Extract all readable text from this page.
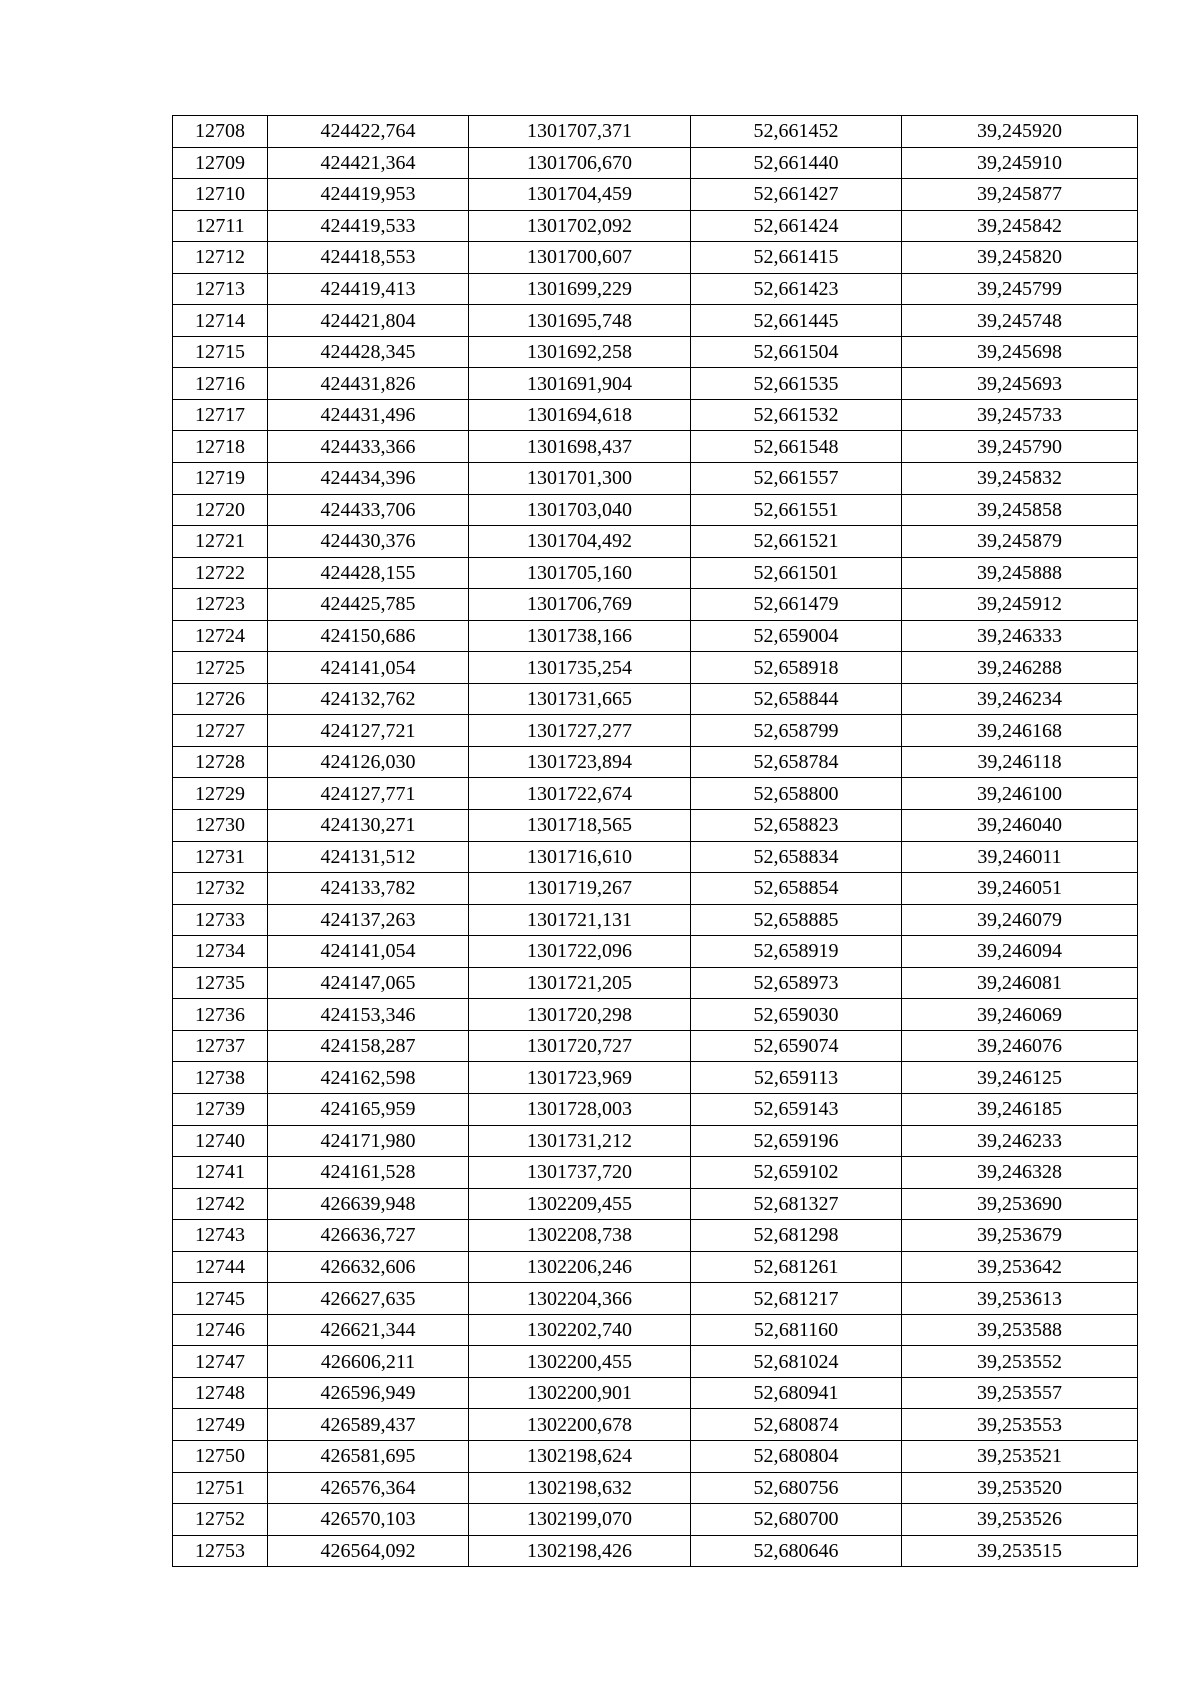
12708	424422,764	1301707,371	52,661452	39,245920
12709	424421,364	1301706,670	52,661440	39,245910
12710	424419,953	1301704,459	52,661427	39,245877
12711	424419,533	1301702,092	52,661424	39,245842
12712	424418,553	1301700,607	52,661415	39,245820
12713	424419,413	1301699,229	52,661423	39,245799
12714	424421,804	1301695,748	52,661445	39,245748
12715	424428,345	1301692,258	52,661504	39,245698
12716	424431,826	1301691,904	52,661535	39,245693
12717	424431,496	1301694,618	52,661532	39,245733
12718	424433,366	1301698,437	52,661548	39,245790
12719	424434,396	1301701,300	52,661557	39,245832
12720	424433,706	1301703,040	52,661551	39,245858
12721	424430,376	1301704,492	52,661521	39,245879
12722	424428,155	1301705,160	52,661501	39,245888
12723	424425,785	1301706,769	52,661479	39,245912
12724	424150,686	1301738,166	52,659004	39,246333
12725	424141,054	1301735,254	52,658918	39,246288
12726	424132,762	1301731,665	52,658844	39,246234
12727	424127,721	1301727,277	52,658799	39,246168
12728	424126,030	1301723,894	52,658784	39,246118
12729	424127,771	1301722,674	52,658800	39,246100
12730	424130,271	1301718,565	52,658823	39,246040
12731	424131,512	1301716,610	52,658834	39,246011
12732	424133,782	1301719,267	52,658854	39,246051
12733	424137,263	1301721,131	52,658885	39,246079
12734	424141,054	1301722,096	52,658919	39,246094
12735	424147,065	1301721,205	52,658973	39,246081
12736	424153,346	1301720,298	52,659030	39,246069
12737	424158,287	1301720,727	52,659074	39,246076
12738	424162,598	1301723,969	52,659113	39,246125
12739	424165,959	1301728,003	52,659143	39,246185
12740	424171,980	1301731,212	52,659196	39,246233
12741	424161,528	1301737,720	52,659102	39,246328
12742	426639,948	1302209,455	52,681327	39,253690
12743	426636,727	1302208,738	52,681298	39,253679
12744	426632,606	1302206,246	52,681261	39,253642
12745	426627,635	1302204,366	52,681217	39,253613
12746	426621,344	1302202,740	52,681160	39,253588
12747	426606,211	1302200,455	52,681024	39,253552
12748	426596,949	1302200,901	52,680941	39,253557
12749	426589,437	1302200,678	52,680874	39,253553
12750	426581,695	1302198,624	52,680804	39,253521
12751	426576,364	1302198,632	52,680756	39,253520
12752	426570,103	1302199,070	52,680700	39,253526
12753	426564,092	1302198,426	52,680646	39,253515
